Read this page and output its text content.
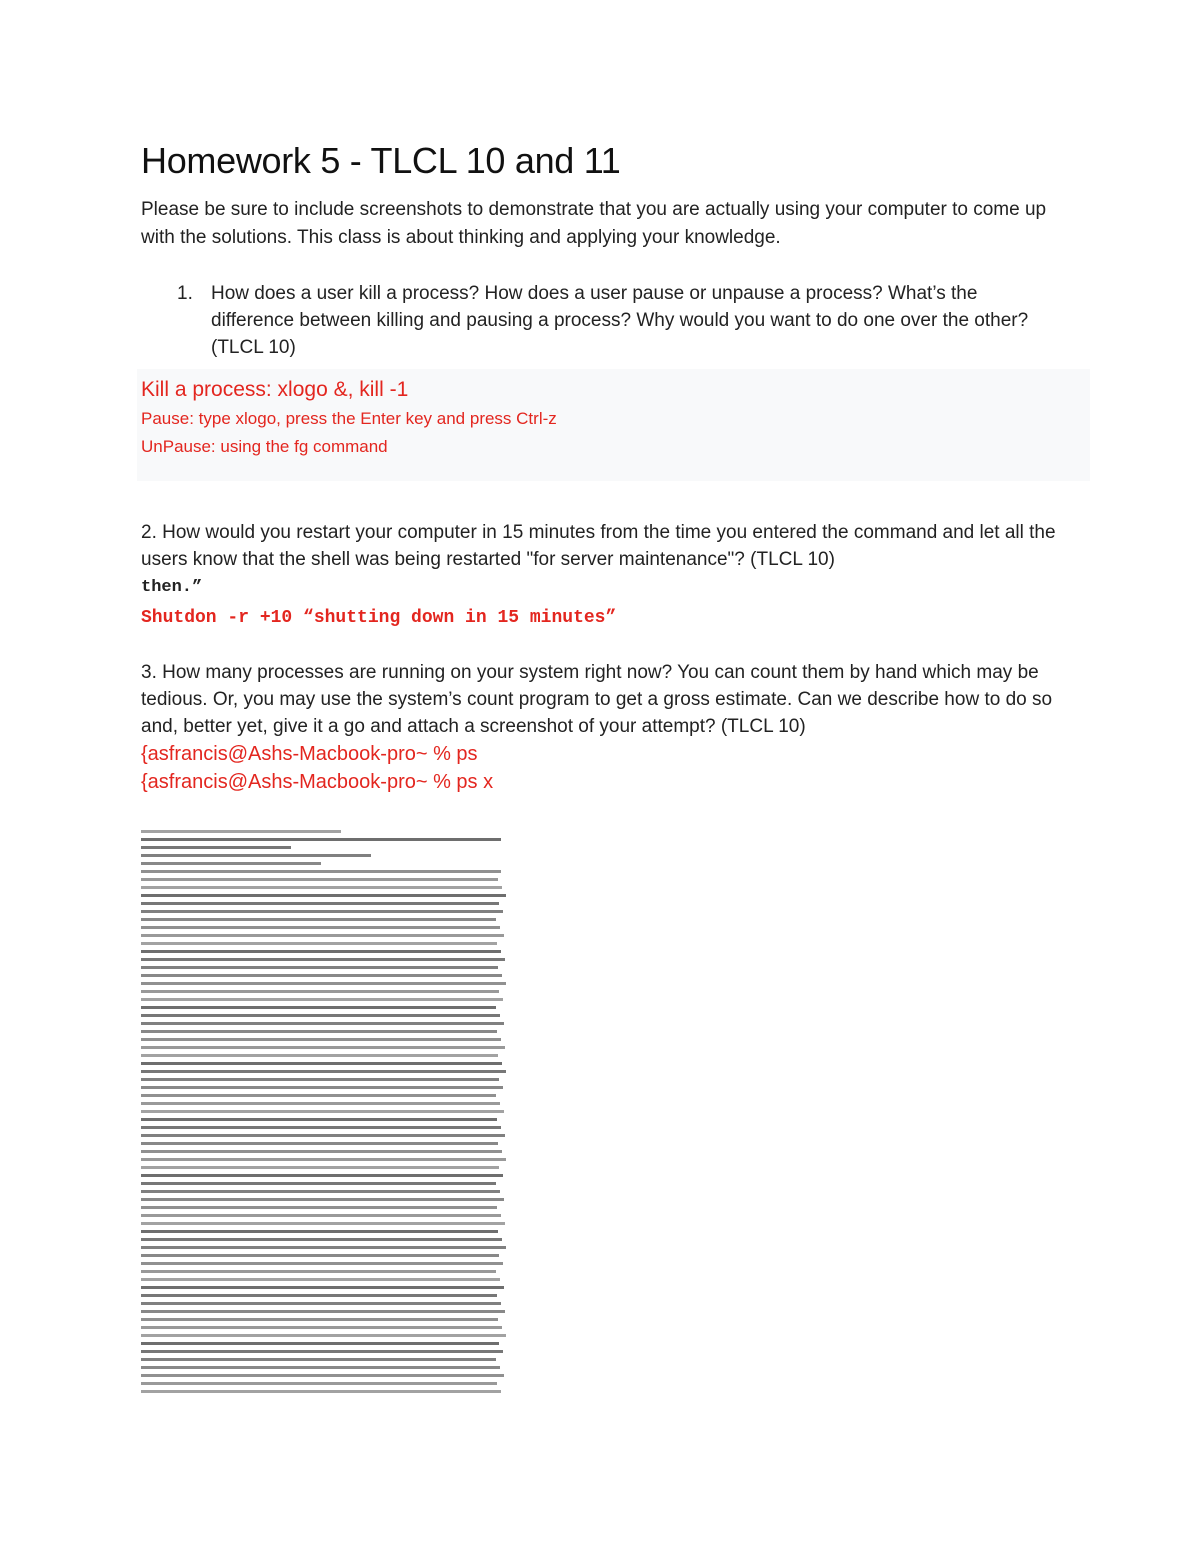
Homework 5 - TLCL 10 and 11

Please be sure to include screenshots to demonstrate that you are actually using your computer to come up with the solutions. This class is about thinking and applying your knowledge.

1. How does a user kill a process? How does a user pause or unpause a process? What’s the difference between killing and pausing a process? Why would you want to do one over the other? (TLCL 10)
Kill a process: xlogo &, kill -1
Pause: type xlogo, press the Enter key and press Ctrl-z
UnPause: using the fg command
2. How would you restart your computer in 15 minutes from the time you entered the command and let all the users know that the shell was being restarted "for server maintenance"? (TLCL 10)
then.”
Shutdon -r +10 “shutting down in 15 minutes”
3. How many processes are running on your system right now? You can count them by hand which may be tedious. Or, you may use the system’s count program to get a gross estimate. Can we describe how to do so and, better yet, give it a go and attach a screenshot of your attempt? (TLCL 10)
{asfrancis@Ashs-Macbook-pro~ % ps
{asfrancis@Ashs-Macbook-pro~ % ps x
